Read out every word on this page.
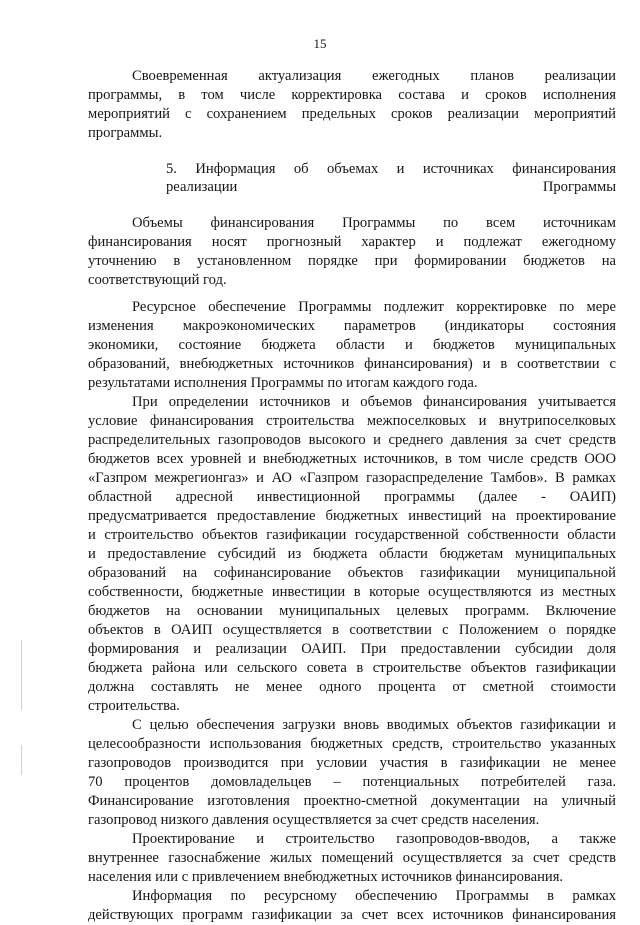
15

Своевременная актуализация ежегодных планов реализации

программы, в том числе корректировка состава и сроков исполнения

мероприятий с сохранением предельных сроков реализации мероприятий

программы.

5. Информация об объемах и источниках финансирования

реализации Программы

Объемы финансирования Программы по всем источникам

финансирования носят прогнозный характер и подлежат ежегодному

уточнению в установленном порядке при формировании бюджетов на

соответствующий год.

Ресурсное обеспечение Программы подлежит корректировке по мере

изменения макроэкономических параметров (индикаторы состояния

экономики, состояние бюджета области и бюджетов муниципальных

образований, внебюджетных источников финансирования) и в соответствии с

результатами исполнения Программы по итогам каждого года.

При определении источников и объемов финансирования учитывается

условие финансирования строительства межпоселковых и внутрипоселковых

распределительных газопроводов высокого и среднего давления за счет средств

бюджетов всех уровней и внебюджетных источников, в том числе средств ООО

«Газпром межрегионгаз» и АО «Газпром газораспределение Тамбов». В рамках

областной адресной инвестиционной программы (далее - ОАИП)

предусматривается предоставление бюджетных инвестиций на проектирование

и строительство объектов газификации государственной собственности области

и предоставление субсидий из бюджета области бюджетам муниципальных

образований на софинансирование объектов газификации муниципальной

собственности, бюджетные инвестиции в которые осуществляются из местных

бюджетов на основании муниципальных целевых программ. Включение

объектов в ОАИП осуществляется в соответствии с Положением о порядке

формирования и реализации ОАИП. При предоставлении субсидии доля

бюджета района или сельского совета в строительстве объектов газификации

должна составлять не менее одного процента от сметной стоимости

строительства.

С целью обеспечения загрузки вновь вводимых объектов газификации и

целесообразности использования бюджетных средств, строительство указанных

газопроводов производится при условии участия в газификации не менее

70 процентов домовладельцев – потенциальных потребителей газа.

Финансирование изготовления проектно-сметной документации на уличный

газопровод низкого давления осуществляется за счет средств населения.

Проектирование и строительство газопроводов-вводов, а также

внутреннее газоснабжение жилых помещений осуществляется за счет средств

населения или с привлечением внебюджетных источников финансирования.

Информация по ресурсному обеспечению Программы в рамках

действующих программ газификации за счет всех источников финансирования
